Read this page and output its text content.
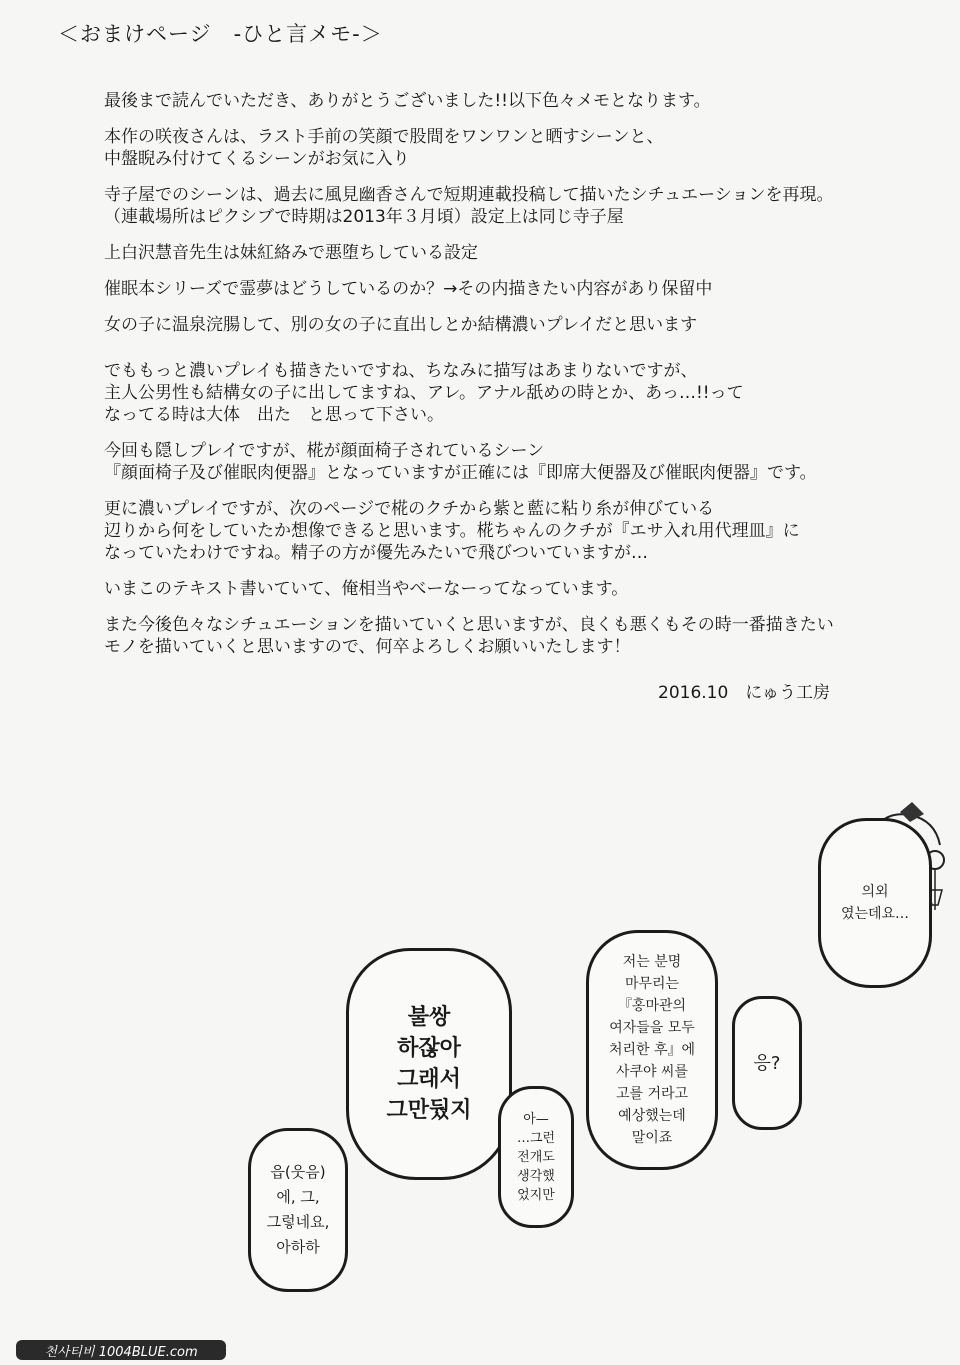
＜おまけページ　-ひと言メモ-＞

最後まで読んでいただき、ありがとうございました!!以下色々メモとなります。

本作の咲夜さんは、ラスト手前の笑顔で股間をワンワンと晒すシーンと、

中盤睨み付けてくるシーンがお気に入り

寺子屋でのシーンは、過去に風見幽香さんで短期連載投稿して描いたシチュエーションを再現。

（連載場所はピクシブで時期は2013年３月頃）設定上は同じ寺子屋

上白沢慧音先生は妹紅絡みで悪堕ちしている設定

催眠本シリーズで霊夢はどうしているのか？→その内描きたい内容があり保留中

女の子に温泉浣腸して、別の女の子に直出しとか結構濃いプレイだと思います

でももっと濃いプレイも描きたいですね、ちなみに描写はあまりないですが、

主人公男性も結構女の子に出してますね、アレ。アナル舐めの時とか、あっ…!!って

なってる時は大体　出た　と思って下さい。

今回も隠しプレイですが、椛が顔面椅子されているシーン

『顔面椅子及び催眠肉便器』となっていますが正確には『即席大便器及び催眠肉便器』です。

更に濃いプレイですが、次のページで椛のクチから紫と藍に粘り糸が伸びている

辺りから何をしていたか想像できると思います。椛ちゃんのクチが『エサ入れ用代理皿』に

なっていたわけですね。精子の方が優先みたいで飛びついていますが…

いまこのテキスト書いていて、俺相当やべーなーってなっています。

また今後色々なシチュエーションを描いていくと思いますが、良くも悪くもその時一番描きたい

モノを描いていくと思いますので、何卒よろしくお願いいたします！

2016.10　にゅう工房
의외
였는데요…
저는 분명
마무리는
『홍마관의
여자들을 모두
처리한 후』에
사쿠야 씨를
고를 거라고
예상했는데
말이죠
응?
불쌍
하잖아
그래서
그만뒀지	아—
…그런
전개도
생각했
었지만
읍(웃음)
에, 그,
그렇네요,
아하하
천사티비 1004BLUE.com
